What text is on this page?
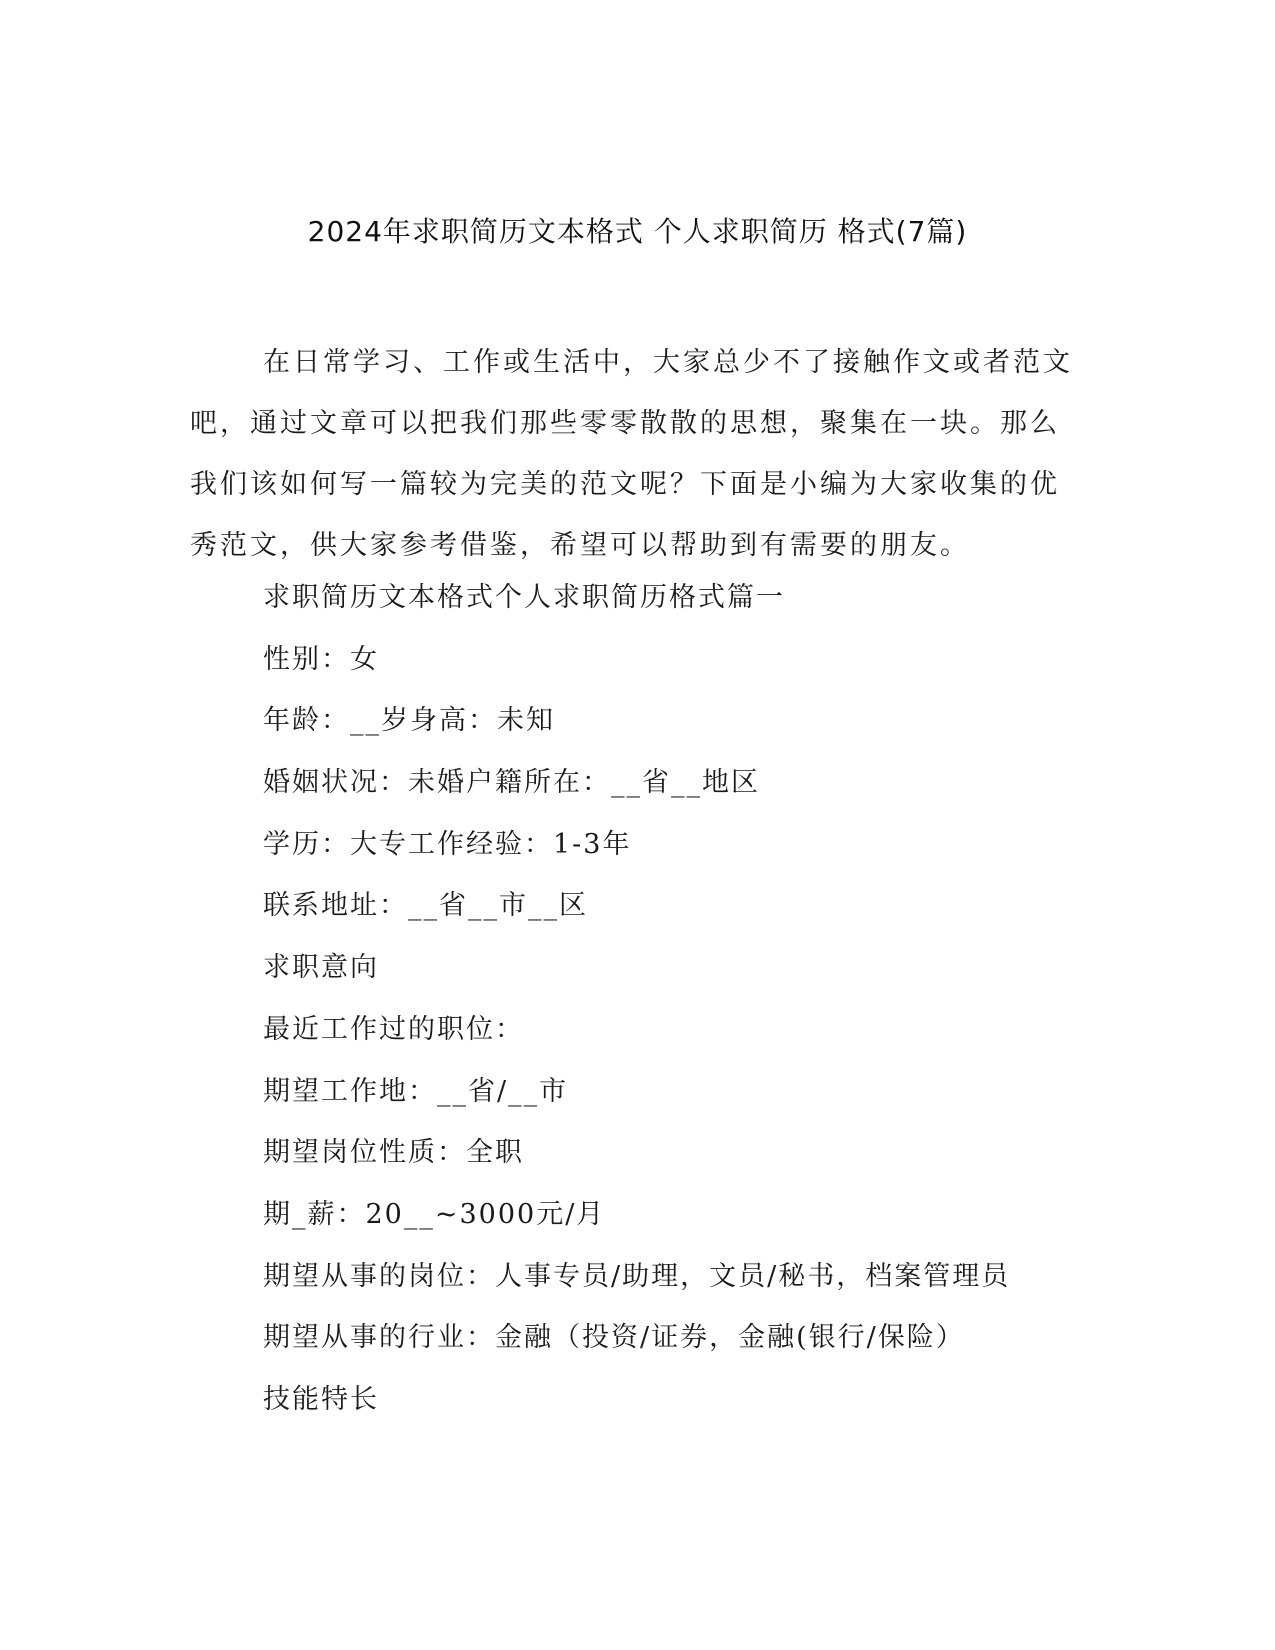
2024年求职简历文本格式 个人求职简历 格式(7篇)

在日常学习、工作或生活中，大家总少不了接触作文或者范文吧，通过文章可以把我们那些零零散散的思想，聚集在一块。那么我们该如何写一篇较为完美的范文呢？下面是小编为大家收集的优秀范文，供大家参考借鉴，希望可以帮助到有需要的朋友。

求职简历文本格式个人求职简历格式篇一
性别：女
年龄：__岁身高：未知
婚姻状况：未婚户籍所在：__省__地区
学历：大专工作经验：1-3年
联系地址：__省__市__区
求职意向
最近工作过的职位：
期望工作地：__省/__市
期望岗位性质：全职
期_薪：20__~3000元/月
期望从事的岗位：人事专员/助理，文员/秘书，档案管理员
期望从事的行业：金融（投资/证券，金融(银行/保险）
技能特长
